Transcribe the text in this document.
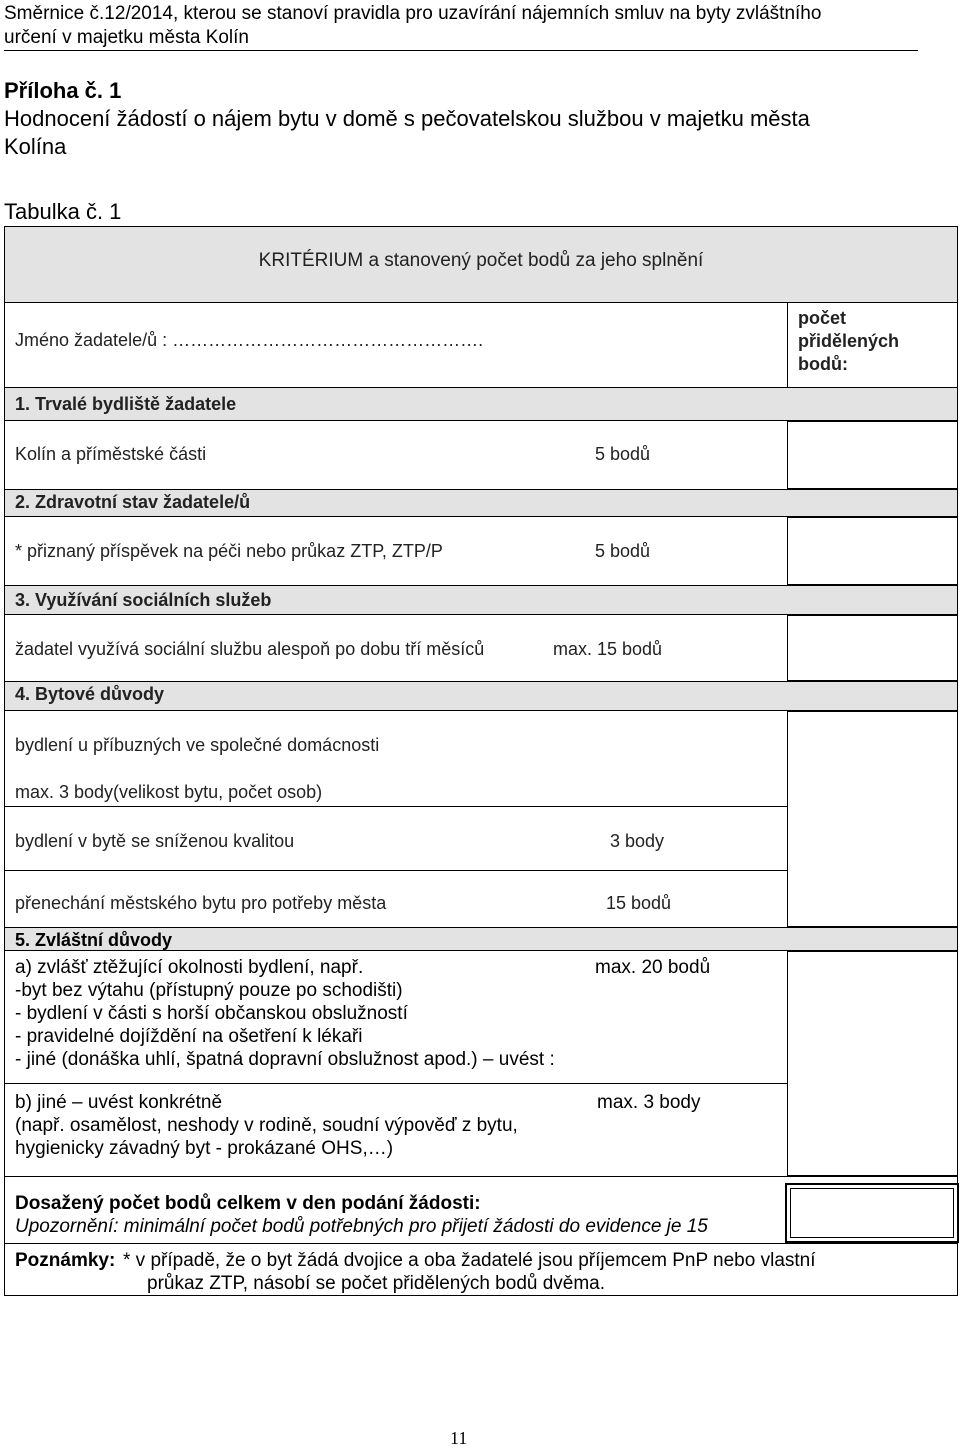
Směrnice č.12/2014, kterou se stanoví pravidla pro uzavírání nájemních smluv na byty zvláštního
určení v majetku města Kolín
Příloha č. 1
Hodnocení žádostí o nájem bytu v domě s pečovatelskou službou v majetku města
Kolína
Tabulka č. 1
KRITÉRIUM a stanovený počet bodů za jeho splnění
Jméno žadatele/ů : …………………………………………….
počet
přidělených
bodů:
1. Trvalé bydliště žadatele
Kolín a příměstské části	5 bodů
2. Zdravotní stav žadatele/ů
* přiznaný příspěvek na péči nebo průkaz ZTP, ZTP/P	5 bodů
3. Využívání sociálních služeb
žadatel využívá sociální službu alespoň po dobu tří měsíců	max. 15 bodů
4. Bytové důvody
bydlení u příbuzných ve společné domácnosti
max. 3 body(velikost bytu, počet osob)
bydlení v bytě se sníženou kvalitou	3 body
přenechání městského bytu pro potřeby města	15 bodů
5. Zvláštní důvody
a) zvlášť ztěžující okolnosti bydlení, např.	max. 20 bodů
-byt bez výtahu (přístupný pouze po schodišti)
- bydlení v části s horší občanskou obslužností
- pravidelné dojíždění na ošetření k lékaři
- jiné (donáška uhlí, špatná dopravní obslužnost apod.) – uvést :
b) jiné – uvést konkrétně	max. 3 body
(např. osamělost, neshody v rodině, soudní výpověď z bytu,
hygienicky závadný byt - prokázané OHS,…)
Dosažený počet bodů celkem v den podání žádosti:
Upozornění: minimální počet bodů potřebných pro přijetí žádosti do evidence je 15
Poznámky: * v případě, že o byt žádá dvojice a oba žadatelé jsou příjemcem PnP nebo vlastní
průkaz ZTP, násobí se počet přidělených bodů dvěma.
11
